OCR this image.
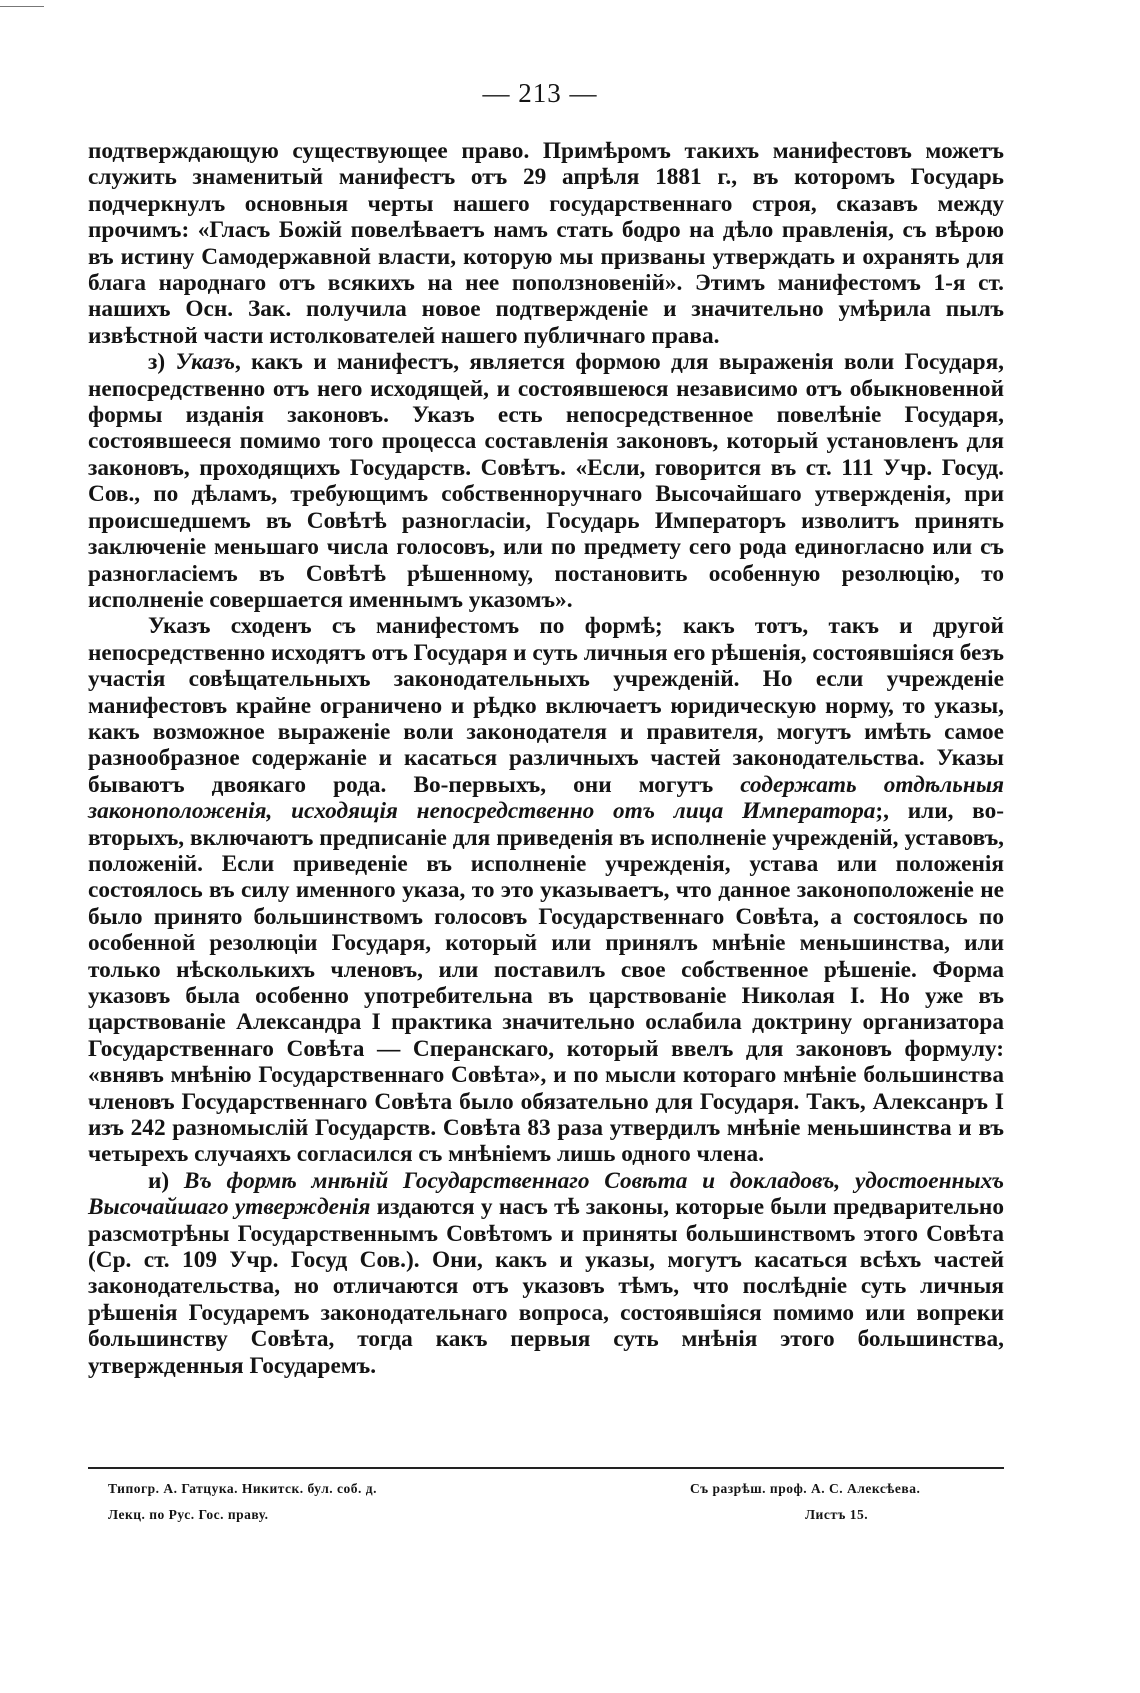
— 213 —

подтверждающую существующее право. Примѣромъ такихъ манифестовъ можетъ служить знаменитый манифестъ отъ 29 апрѣля 1881 г., въ которомъ Государь подчеркнулъ основныя черты нашего государственнаго строя, сказавъ между прочимъ: «Гласъ Божій повелѣваетъ намъ стать бодро на дѣло правленія, съ вѣрою въ истину Самодержавной власти, которую мы призваны утверждать и охранять для блага народнаго отъ всякихъ на нее поползновеній». Этимъ манифестомъ 1-я ст. нашихъ Осн. Зак. получила новое подтвержденіе и значительно умѣрила пылъ извѣстной части истолкователей нашего публичнаго права.

з) Указъ, какъ и манифестъ, является формою для выраженія воли Государя, непосредственно отъ него исходящей, и состоявшеюся независимо отъ обыкновенной формы изданія законовъ. Указъ есть непосредственное повелѣніе Государя, состоявшееся помимо того процесса составленія законовъ, который установленъ для законовъ, проходящихъ Государств. Совѣтъ. «Если, говорится въ ст. 111 Учр. Госуд. Сов., по дѣламъ, требующимъ собственноручнаго Высочайшаго утвержденія, при происшедшемъ въ Совѣтѣ разногласіи, Государь Императоръ изволитъ принять заключеніе меньшаго числа голосовъ, или по предмету сего рода единогласно или съ разногласіемъ въ Совѣтѣ рѣшенному, постановить особенную резолюцію, то исполненіе совершается именнымъ указомъ».

Указъ сходенъ съ манифестомъ по формѣ; какъ тотъ, такъ и другой непосредственно исходятъ отъ Государя и суть личныя его рѣшенія, состоявшіяся безъ участія совѣщательныхъ законодательныхъ учрежденій. Но если учрежденіе манифестовъ крайне ограничено и рѣдко включаетъ юридическую норму, то указы, какъ возможное выраженіе воли законодателя и правителя, могутъ имѣть самое разнообразное содержаніе и касаться различныхъ частей законодательства. Указы бываютъ двоякаго рода. Во-первыхъ, они могутъ содержать отдѣльныя законоположенія, исходящія непосредственно отъ лица Императора;, или, во-вторыхъ, включаютъ предписаніе для приведенія въ исполненіе учрежденій, уставовъ, положеній. Если приведеніе въ исполненіе учрежденія, устава или положенія состоялось въ силу именного указа, то это указываетъ, что данное законоположеніе не было принято большинствомъ голосовъ Государственнаго Совѣта, а состоялось по особенной резолюціи Государя, который или принялъ мнѣніе меньшинства, или только нѣсколькихъ членовъ, или поставилъ свое собственное рѣшеніе. Форма указовъ была особенно употребительна въ царствованіе Николая I. Но уже въ царствованіе Александра I практика значительно ослабила доктрину организатора Государственнаго Совѣта — Сперанскаго, который ввелъ для законовъ формулу: «внявъ мнѣнію Государственнаго Совѣта», и по мысли котораго мнѣніе большинства членовъ Государственнаго Совѣта было обязательно для Государя. Такъ, Алексанръ I изъ 242 разномыслій Государств. Совѣта 83 раза утвердилъ мнѣніе меньшинства и въ четырехъ случаяхъ согласился съ мнѣніемъ лишь одного члена.

и) Въ формѣ мнѣній Государственнаго Совѣта и докладовъ, удостоенныхъ Высочайшаго утвержденія издаются у насъ тѣ законы, которые были предварительно разсмотрѣны Государственнымъ Совѣтомъ и приняты большинствомъ этого Совѣта (Ср. ст. 109 Учр. Госуд Сов.). Они, какъ и указы, могутъ касаться всѣхъ частей законодательства, но отличаются отъ указовъ тѣмъ, что послѣдніе суть личныя рѣшенія Государемъ законодательнаго вопроса, состоявшіяся помимо или вопреки большинству Совѣта, тогда какъ первыя суть мнѣнія этого большинства, утвержденныя Государемъ.

Типогр. А. Гатцука. Никитск. бул. соб. д.
Лекц. по Рус. Гос. праву.
Съ разрѣш. проф. А. С. Алексѣева.
Листъ 15.
